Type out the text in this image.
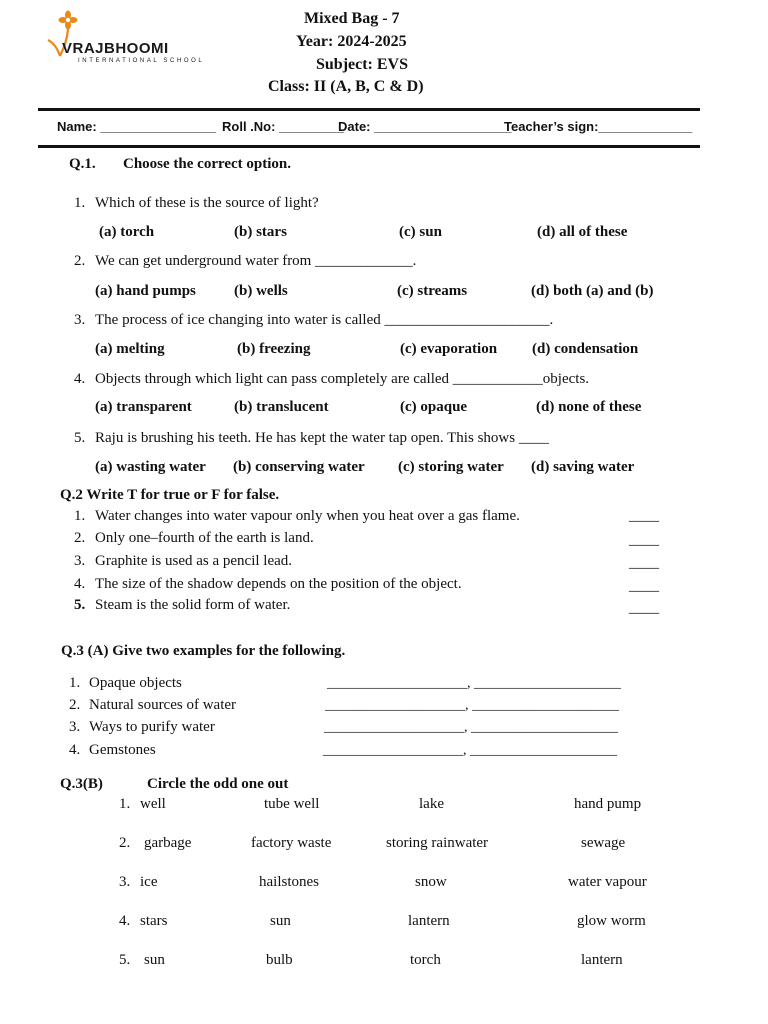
VRAJBHOOMI
INTERNATIONAL SCHOOL
Mixed Bag - 7
Year: 2024-2025
Subject: EVS
Class: II (A, B, C & D)
Name: ________________ Roll .No: _________
Date: ___________________
Teacher’s sign:_____________
Q.1. Choose the correct option.
1. Which of these is the source of light?
(a) torch	(b) stars	(c) sun	(d) all of these
2. We can get underground water from _____________.
(a) hand pumps	(b) wells	(c) streams	(d) both (a) and (b)
3. The process of ice changing into water is called ______________________.
(a) melting	(b) freezing	(c) evaporation (d) condensation
4. Objects through which light can pass completely are called ____________objects.
(a) transparent	(b) translucent	(c) opaque	(d) none of these
5. Raju is brushing his teeth. He has kept the water tap open. This shows ____
(a) wasting water (b) conserving water (c) storing water (d) saving water
Q.2 Write T for true or F for false.
1. Water changes into water vapour only when you heat over a gas flame.	____
2. Only one–fourth of the earth is land.	____
3. Graphite is used as a pencil lead.	____
4. The size of the shadow depends on the position of the object.	____
5. Steam is the solid form of water.	____
Q.3 (A) Give two examples for the following.
1. Opaque objects	____________________, _____________________
2. Natural sources of water	____________________, _____________________
3. Ways to purify water	____________________, _____________________
4. Gemstones	____________________, _____________________
Q.3(B)	Circle the odd one out
1. well	tube well	lake	hand pump
2. garbage	factory waste	storing rainwater	sewage
3. ice	hailstones	snow	water vapour
4. stars	sun	lantern	glow worm
5. sun	bulb	torch	lantern
